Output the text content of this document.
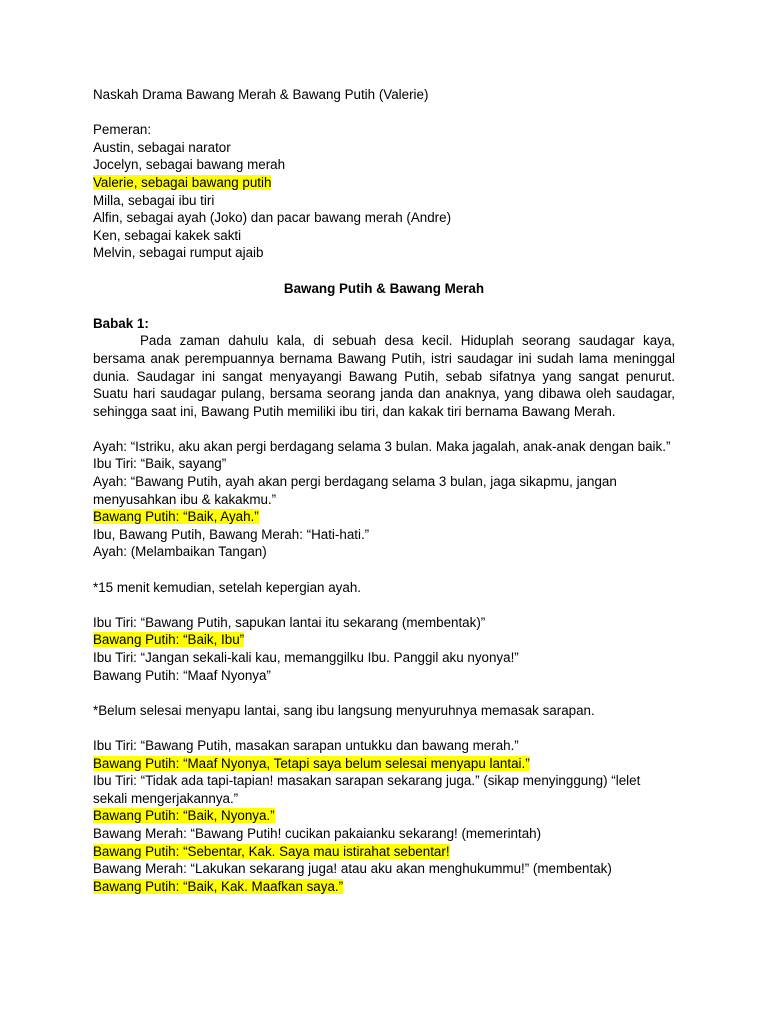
Naskah Drama Bawang Merah & Bawang Putih (Valerie)

Pemeran:

Austin, sebagai narator

Jocelyn, sebagai bawang merah

Valerie, sebagai bawang putih

Milla, sebagai ibu tiri

Alfin, sebagai ayah (Joko) dan pacar bawang merah (Andre)

Ken, sebagai kakek sakti

Melvin, sebagai rumput ajaib

Bawang Putih & Bawang Merah

Babak 1:

Pada zaman dahulu kala, di sebuah desa kecil. Hiduplah seorang saudagar kaya, bersama anak perempuannya bernama Bawang Putih, istri saudagar ini sudah lama meninggal dunia. Saudagar ini sangat menyayangi Bawang Putih, sebab sifatnya yang sangat penurut. Suatu hari saudagar pulang, bersama seorang janda dan anaknya, yang dibawa oleh saudagar, sehingga saat ini, Bawang Putih memiliki ibu tiri, dan kakak tiri bernama Bawang Merah.

Ayah: “Istriku, aku akan pergi berdagang selama 3 bulan. Maka jagalah, anak-anak dengan baik.”

Ibu Tiri: “Baik, sayang”

Ayah: “Bawang Putih, ayah akan pergi berdagang selama 3 bulan, jaga sikapmu, jangan menyusahkan ibu & kakakmu.”

Bawang Putih: “Baik, Ayah.”

Ibu, Bawang Putih, Bawang Merah: “Hati-hati.”

Ayah: (Melambaikan Tangan)

*15 menit kemudian, setelah kepergian ayah.

Ibu Tiri: “Bawang Putih, sapukan lantai itu sekarang (membentak)”

Bawang Putih: “Baik, Ibu”

Ibu Tiri: “Jangan sekali-kali kau, memanggilku Ibu. Panggil aku nyonya!”

Bawang Putih: “Maaf Nyonya”

*Belum selesai menyapu lantai, sang ibu langsung menyuruhnya memasak sarapan.

Ibu Tiri: “Bawang Putih, masakan sarapan untukku dan bawang merah.”

Bawang Putih: “Maaf Nyonya, Tetapi saya belum selesai menyapu lantai.”

Ibu Tiri: “Tidak ada tapi-tapian! masakan sarapan sekarang juga.” (sikap menyinggung) “lelet sekali mengerjakannya.”

Bawang Putih: “Baik, Nyonya.”

Bawang Merah: “Bawang Putih! cucikan pakaianku sekarang! (memerintah)

Bawang Putih: “Sebentar, Kak. Saya mau istirahat sebentar!

Bawang Merah: “Lakukan sekarang juga! atau aku akan menghukummu!” (membentak)

Bawang Putih: “Baik, Kak. Maafkan saya.”
